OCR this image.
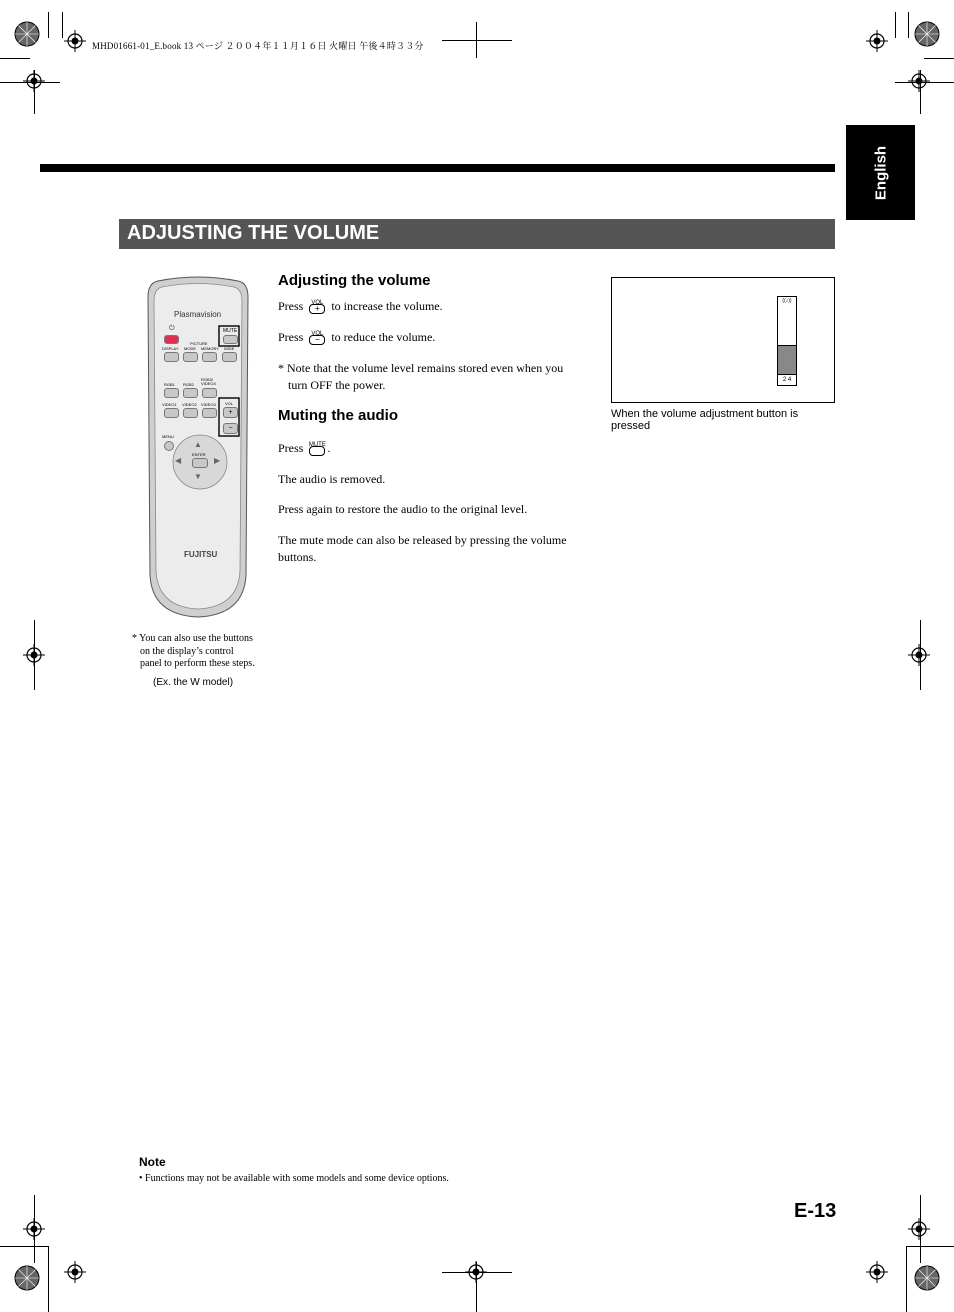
MHD01661-01_E.book 13 ページ ２００４年１１月１６日 火曜日 午後４時３３分
English
ADJUSTING THE VOLUME
Plasmavision
⏻	MUTE
PICTURE
DISPLAY MODE MEMORY WIDE
RGB1 RGB2
RGB3/ VIDEO4
VIDEO1 VIDEO2 VIDEO3 VOL
+
−
MENU
▲
▼
◀	▶
ENTER
FUJITSU
* You can also use the buttons
on the display’s control
panel to perform these steps.
(Ex. the W model)
Adjusting the volume
Press	VOL
+ to increase the volume.
Press	VOL
− to reduce the volume.
* Note that the volume level remains stored even when you
turn OFF the power.
Muting the audio
Press MUTE .
The audio is removed.
Press again to restore the audio to the original level.
The mute mode can also be released by pressing the volume
buttons.
((♪))
2 4
When the volume adjustment button is
pressed
Note
• Functions may not be available with some models and some device options.
E-13
